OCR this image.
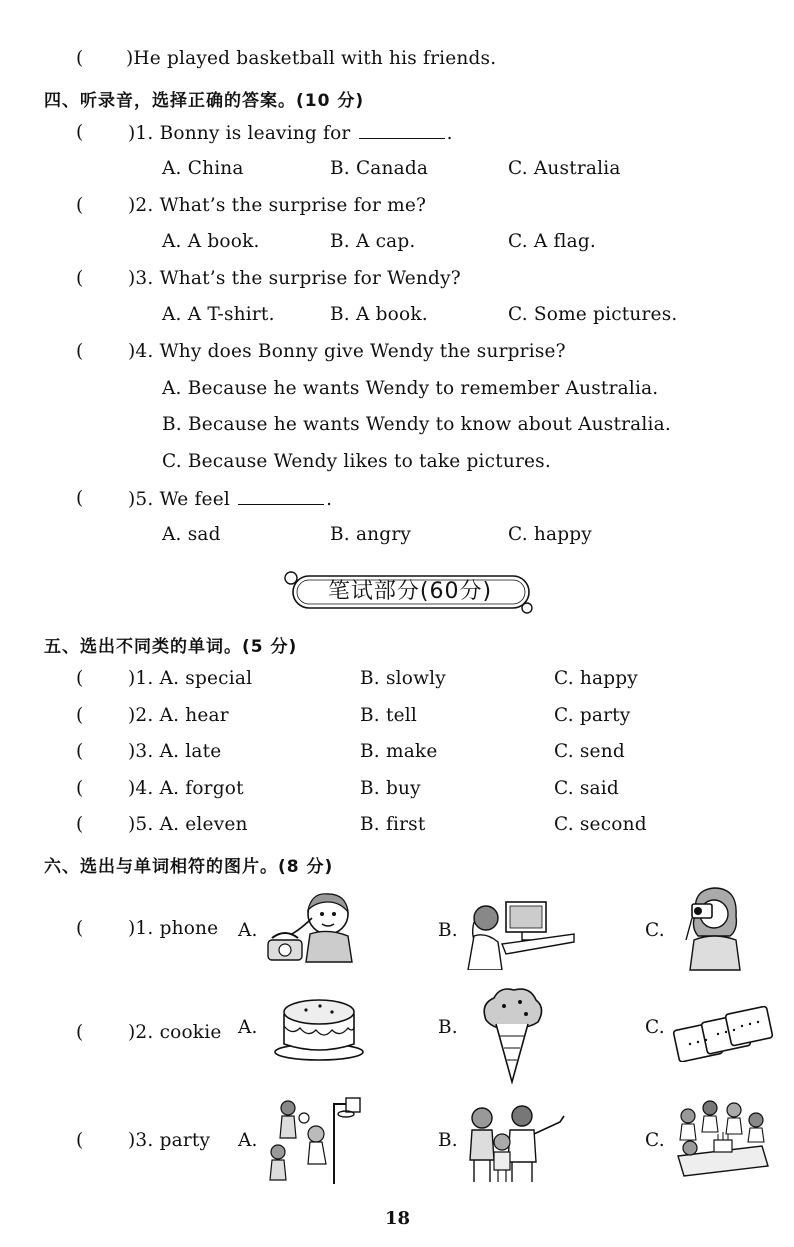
( )He played basketball with his friends.
四、听录音，选择正确的答案。(10 分)
( )1. Bonny is leaving for	.
A. China	B. Canada	C. Australia
( )2. What’s the surprise for me?
A. A book.	B. A cap.	C. A flag.
( )3. What’s the surprise for Wendy?
A. A T-shirt.	B. A book.	C. Some pictures.
( )4. Why does Bonny give Wendy the surprise?
A. Because he wants Wendy to remember Australia.
B. Because he wants Wendy to know about Australia.
C. Because Wendy likes to take pictures.
( )5. We feel	.
A. sad	B. angry	C. happy
笔试部分(60分)
五、选出不同类的单词。(5 分)
( )1. A. special	B. slowly	C. happy
( )2. A. hear	B. tell	C. party
( )3. A. late	B. make	C. send
( )4. A. forgot	B. buy	C. said
( )5. A. eleven	B. first	C. second
六、选出与单词相符的图片。(8 分)
( )1. phone A.	B.	C.
( )2. cookie A.	B.	C.
( )3. party A.	B.	C.
18
